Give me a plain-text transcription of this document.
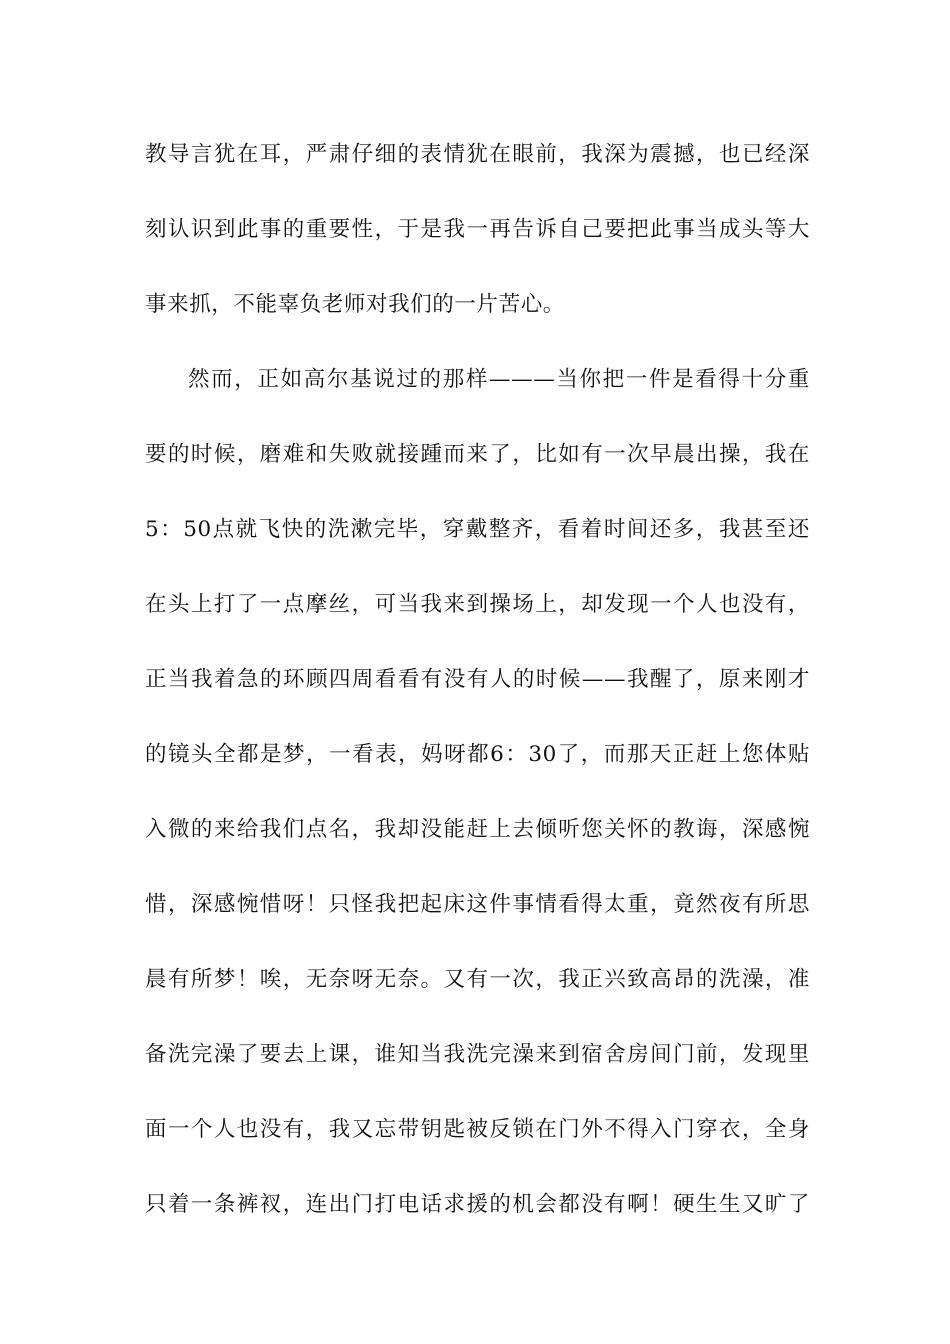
教导言犹在耳，严肃仔细的表情犹在眼前，我深为震撼，也已经深
刻认识到此事的重要性，于是我一再告诉自己要把此事当成头等大
事来抓，不能辜负老师对我们的一片苦心。
然而，正如高尔基说过的那样———当你把一件是看得十分重
要的时候，磨难和失败就接踵而来了，比如有一次早晨出操，我在
5：50点就飞快的洗漱完毕，穿戴整齐，看着时间还多，我甚至还
在头上打了一点摩丝，可当我来到操场上，却发现一个人也没有，
正当我着急的环顾四周看看有没有人的时候——我醒了，原来刚才
的镜头全都是梦，一看表，妈呀都6：30了，而那天正赶上您体贴
入微的来给我们点名，我却没能赶上去倾听您关怀的教诲，深感惋
惜，深感惋惜呀！只怪我把起床这件事情看得太重，竟然夜有所思
晨有所梦！唉，无奈呀无奈。又有一次，我正兴致高昂的洗澡，准
备洗完澡了要去上课，谁知当我洗完澡来到宿舍房间门前，发现里
面一个人也没有，我又忘带钥匙被反锁在门外不得入门穿衣，全身
只着一条裤衩，连出门打电话求援的机会都没有啊！硬生生又旷了
